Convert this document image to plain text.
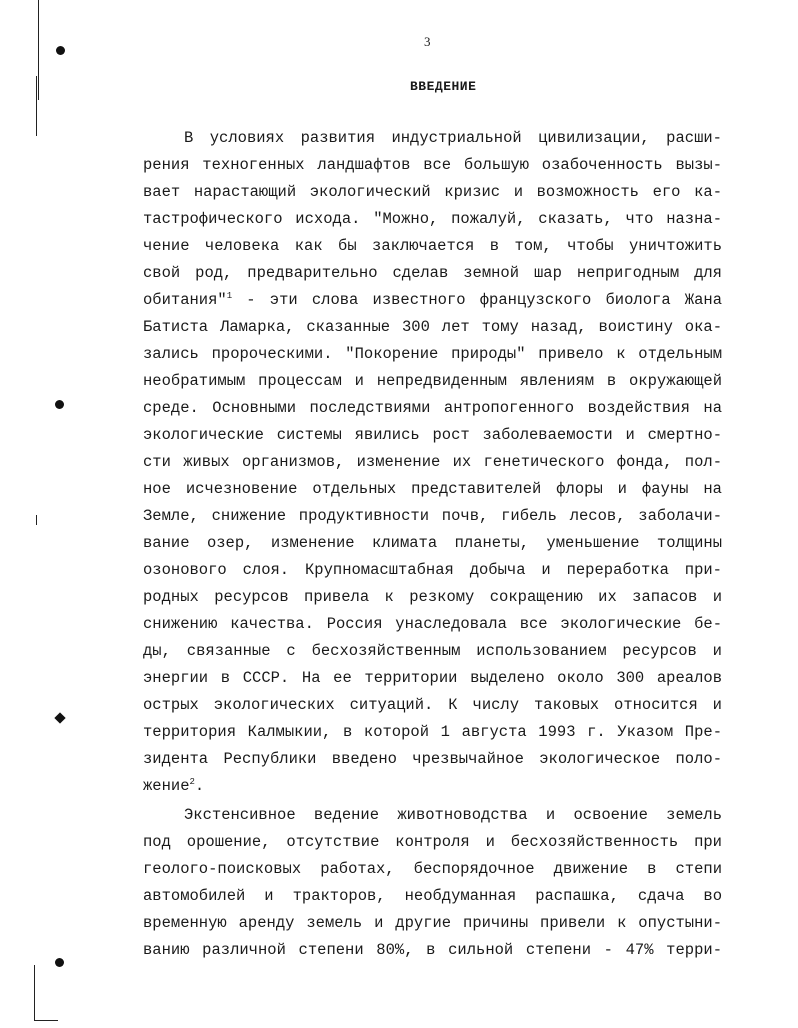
3
ВВЕДЕНИЕ
В условиях развития индустриальной цивилизации, расши-
рения техногенных ландшафтов все большую озабоченность вызы-
вает нарастающий экологический кризис и возможность его ка-
тастрофического исхода. "Можно, пожалуй, сказать, что назна-
чение человека как бы заключается в том, чтобы уничтожить
свой род, предварительно сделав земной шар непригодным для
обитания"$^1$ - эти слова известного французского биолога Жана
Батиста Ламарка, сказанные 300 лет тому назад, воистину ока-
зались пророческими. "Покорение природы" привело к отдельным
необратимым процессам и непредвиденным явлениям в окружающей
среде. Основными последствиями антропогенного воздействия на
экологические системы явились рост заболеваемости и смертно-
сти живых организмов, изменение их генетического фонда, пол-
ное исчезновение отдельных представителей флоры и фауны на
Земле, снижение продуктивности почв, гибель лесов, заболачи-
вание озер, изменение климата планеты, уменьшение толщины
озонового слоя. Крупномасштабная добыча и переработка при-
родных ресурсов привела к резкому сокращению их запасов и
снижению качества. Россия унаследовала все экологические бе-
ды, связанные с бесхозяйственным использованием ресурсов и
энергии в СССР. На ее территории выделено около 300 ареалов
острых экологических ситуаций. К числу таковых относится и
территория Калмыкии, в которой 1 августа 1993 г. Указом Пре-
зидента Республики введено чрезвычайное экологическое поло-
жение$^2$.
Экстенсивное ведение животноводства и освоение земель
под орошение, отсутствие контроля и бесхозяйственность при
геолого-поисковых работах, беспорядочное движение в степи
автомобилей и тракторов, необдуманная распашка, сдача во
временную аренду земель и другие причины привели к опустыни-
ванию различной степени 80%, в сильной степени - 47% терри-
